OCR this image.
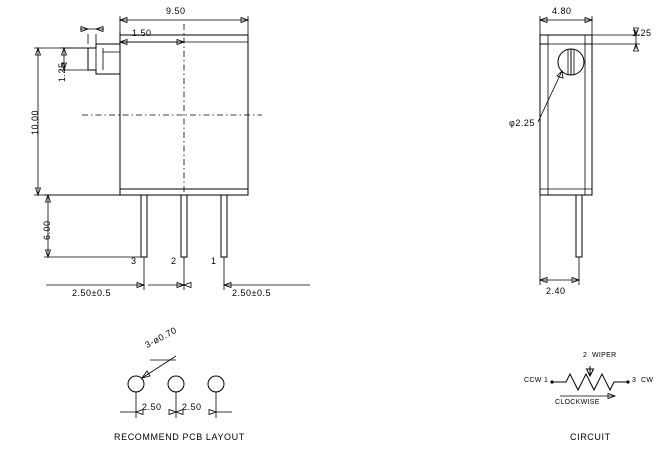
9.50
1.50
10.00
1.25
6.00
2.50±0.5	2.50±0.5
3	2	1
4.80
1.25
φ2.25
2.40
3-ø0.70
2.50 2.50
RECOMMEND PCB LAYOUT
2 WIPER
CCW 1	3 CW
CLOCKWISE
CIRCUIT
